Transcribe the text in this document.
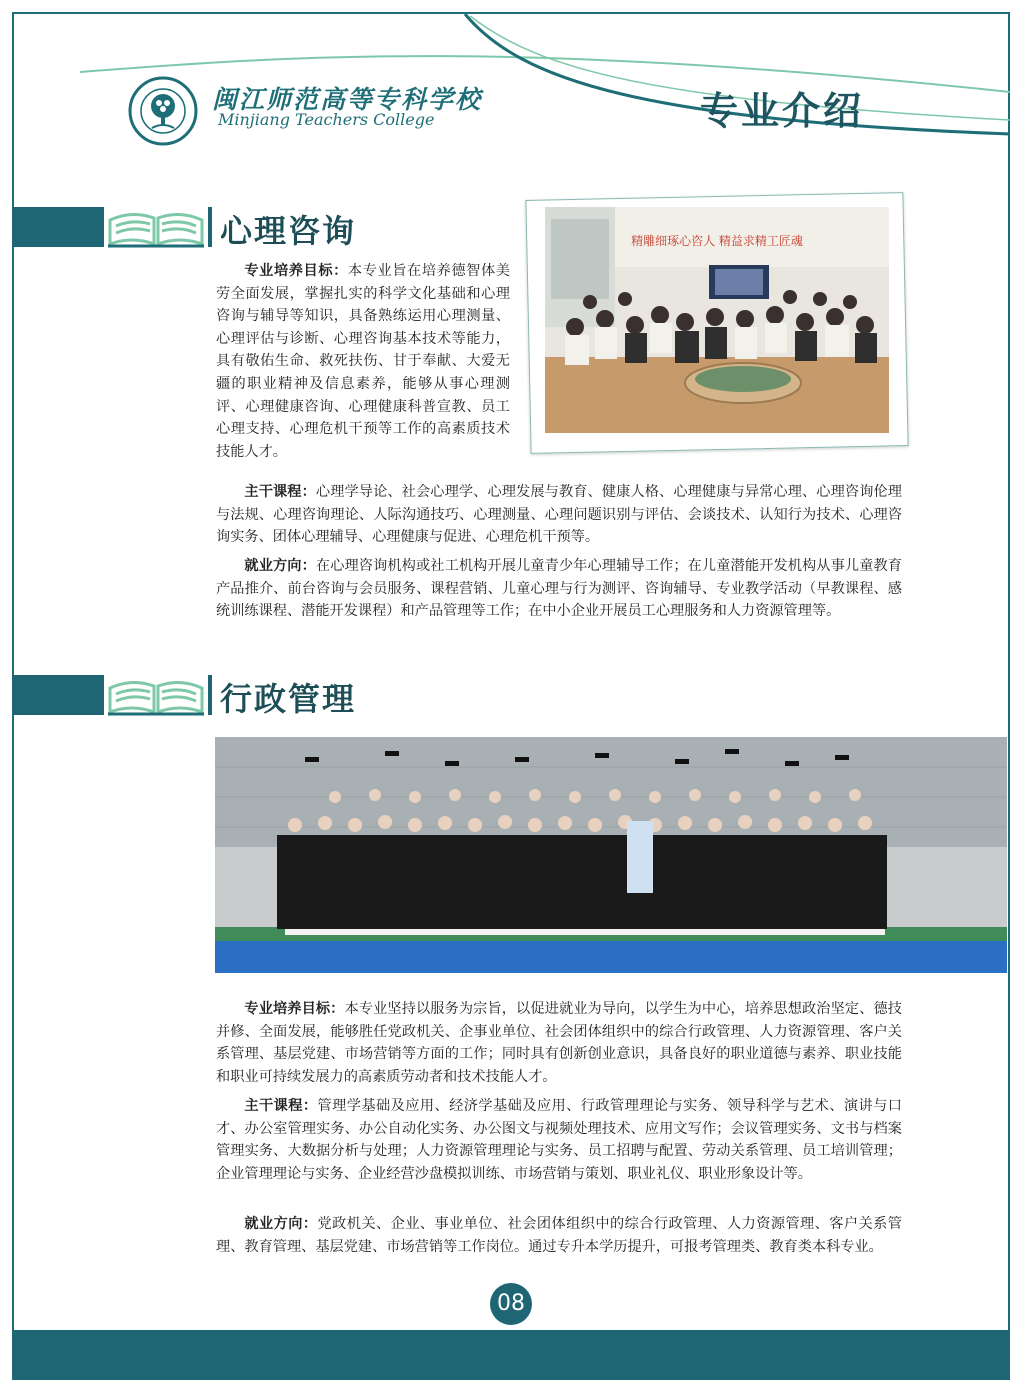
闽江师范高等专科学校
Minjiang Teachers College	专业介绍
心理咨询	精雕细琢心咨人 精益求精工匠魂
专业培养目标：本专业旨在培养德智体美劳全面发展，掌握扎实的科学文化基础和心理咨询与辅导等知识，具备熟练运用心理测量、心理评估与诊断、心理咨询基本技术等能力，具有敬佑生命、救死扶伤、甘于奉献、大爱无疆的职业精神及信息素养，能够从事心理测评、心理健康咨询、心理健康科普宣教、员工心理支持、心理危机干预等工作的高素质技术技能人才。
主干课程：心理学导论、社会心理学、心理发展与教育、健康人格、心理健康与异常心理、心理咨询伦理与法规、心理咨询理论、人际沟通技巧、心理测量、心理问题识别与评估、会谈技术、认知行为技术、心理咨询实务、团体心理辅导、心理健康与促进、心理危机干预等。
就业方向：在心理咨询机构或社工机构开展儿童青少年心理辅导工作；在儿童潜能开发机构从事儿童教育产品推介、前台咨询与会员服务、课程营销、儿童心理与行为测评、咨询辅导、专业教学活动（早教课程、感统训练课程、潜能开发课程）和产品管理等工作；在中小企业开展员工心理服务和人力资源管理等。
行政管理
专业培养目标：本专业坚持以服务为宗旨，以促进就业为导向，以学生为中心，培养思想政治坚定、德技并修、全面发展，能够胜任党政机关、企事业单位、社会团体组织中的综合行政管理、人力资源管理、客户关系管理、基层党建、市场营销等方面的工作；同时具有创新创业意识，具备良好的职业道德与素养、职业技能和职业可持续发展力的高素质劳动者和技术技能人才。
主干课程：管理学基础及应用、经济学基础及应用、行政管理理论与实务、领导科学与艺术、演讲与口才、办公室管理实务、办公自动化实务、办公图文与视频处理技术、应用文写作；会议管理实务、文书与档案管理实务、大数据分析与处理；人力资源管理理论与实务、员工招聘与配置、劳动关系管理、员工培训管理；企业管理理论与实务、企业经营沙盘模拟训练、市场营销与策划、职业礼仪、职业形象设计等。
就业方向：党政机关、企业、事业单位、社会团体组织中的综合行政管理、人力资源管理、客户关系管理、教育管理、基层党建、市场营销等工作岗位。通过专升本学历提升，可报考管理类、教育类本科专业。
08
